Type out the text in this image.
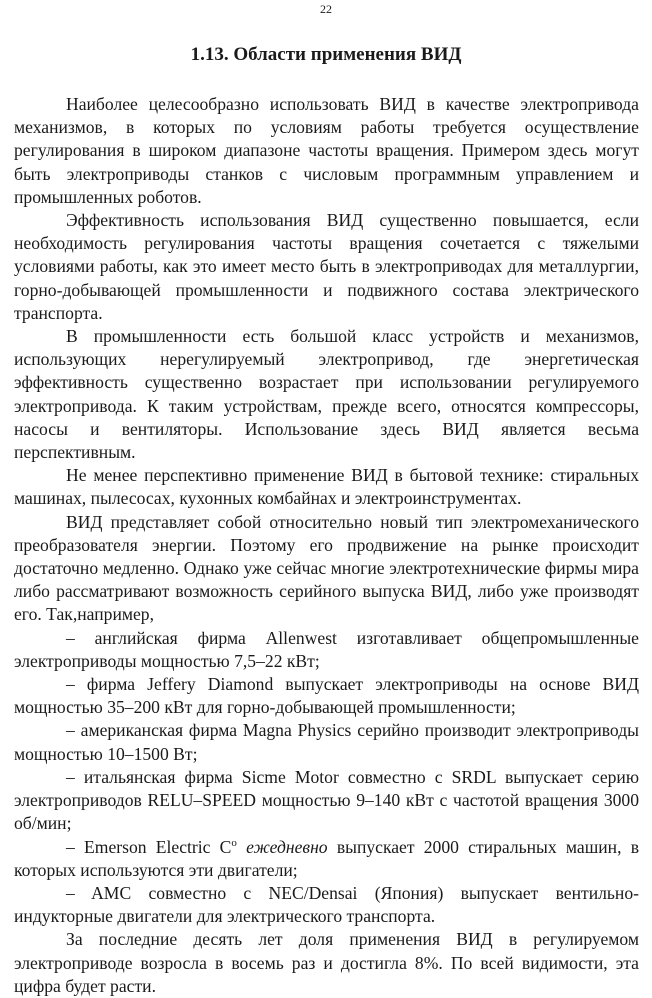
22
1.13. Области применения ВИД

Наиболее целесообразно использовать ВИД в качестве электропривода механизмов, в которых по условиям работы требуется осуществление регулирования в широком диапазоне частоты вращения. Примером здесь могут быть электроприводы станков с числовым программным управлением и промышленных роботов.

Эффективность использования ВИД существенно повышается, если необходимость регулирования частоты вращения сочетается с тяжелыми условиями работы, как это имеет место быть в электроприводах для металлургии, горно-добывающей промышленности и подвижного состава электрического транспорта.

В промышленности есть большой класс устройств и механизмов, использующих нерегулируемый электропривод, где энергетическая эффективность существенно возрастает при использовании регулируемого электропривода. К таким устройствам, прежде всего, относятся компрессоры, насосы и вентиляторы. Использование здесь ВИД является весьма перспективным.

Не менее перспективно применение ВИД в бытовой технике: стиральных машинах, пылесосах, кухонных комбайнах и электроинструментах.

ВИД представляет собой относительно новый тип электромеханического преобразователя энергии. Поэтому его продвижение на рынке происходит достаточно медленно. Однако уже сейчас многие электротехнические фирмы мира либо рассматривают возможность серийного выпуска ВИД, либо уже производят его. Так,например,

– английская фирма Allenwest изготавливает общепромышленные электроприводы мощностью 7,5–22 кВт;

– фирма Jeffery Diamond выпускает электроприводы на основе ВИД мощностью 35–200 кВт для горно-добывающей промышленности;

– американская фирма Magna Physics серийно производит электроприводы мощностью 10–1500 Вт;

– итальянская фирма Sicme Motor совместно с SRDL выпускает серию электроприводов RELU–SPEED мощностью 9–140 кВт с частотой вращения 3000 об/мин;

– Emerson Electric $C^o$ ежедневно выпускает 2000 стиральных машин, в которых используются эти двигатели;

– AMC совместно с NEC/Densai (Япония) выпускает вентильно-индукторные двигатели для электрического транспорта.

За последние десять лет доля применения ВИД в регулируемом электроприводе возросла в восемь раз и достигла 8%. По всей видимости, эта цифра будет расти.
